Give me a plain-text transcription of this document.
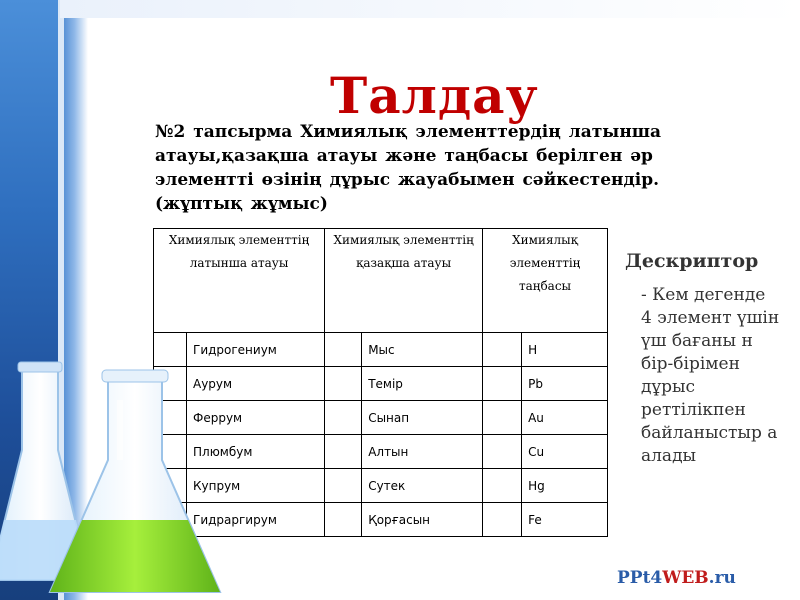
Талдау
№2 тапсырма Химиялық элементтердің латынша атауы,қазақша атауы және таңбасы берілген әр элементті өзінің дұрыс жауабымен сәйкестендір. (жұптық жұмыс)
Химиялық элементтің латынша атауы		Химиялық элементтің қазақша атауы		Химиялық элементтің таңбасы	
	Гидрогениум		Мыс		H
	Аурум		Темір		Pb
	Феррум		Сынап		Au
	Плюмбум		Алтын		Cu
	Купрум		Сутек		Hg
	Гидраргирум		Қорғасын		Fe
Дескриптор
- Кем дегенде 4 элемент үшін үш бағаны н бір-бірімен дұрыс реттілікпен байланыстыр а алады
PPt4WEB.ru
